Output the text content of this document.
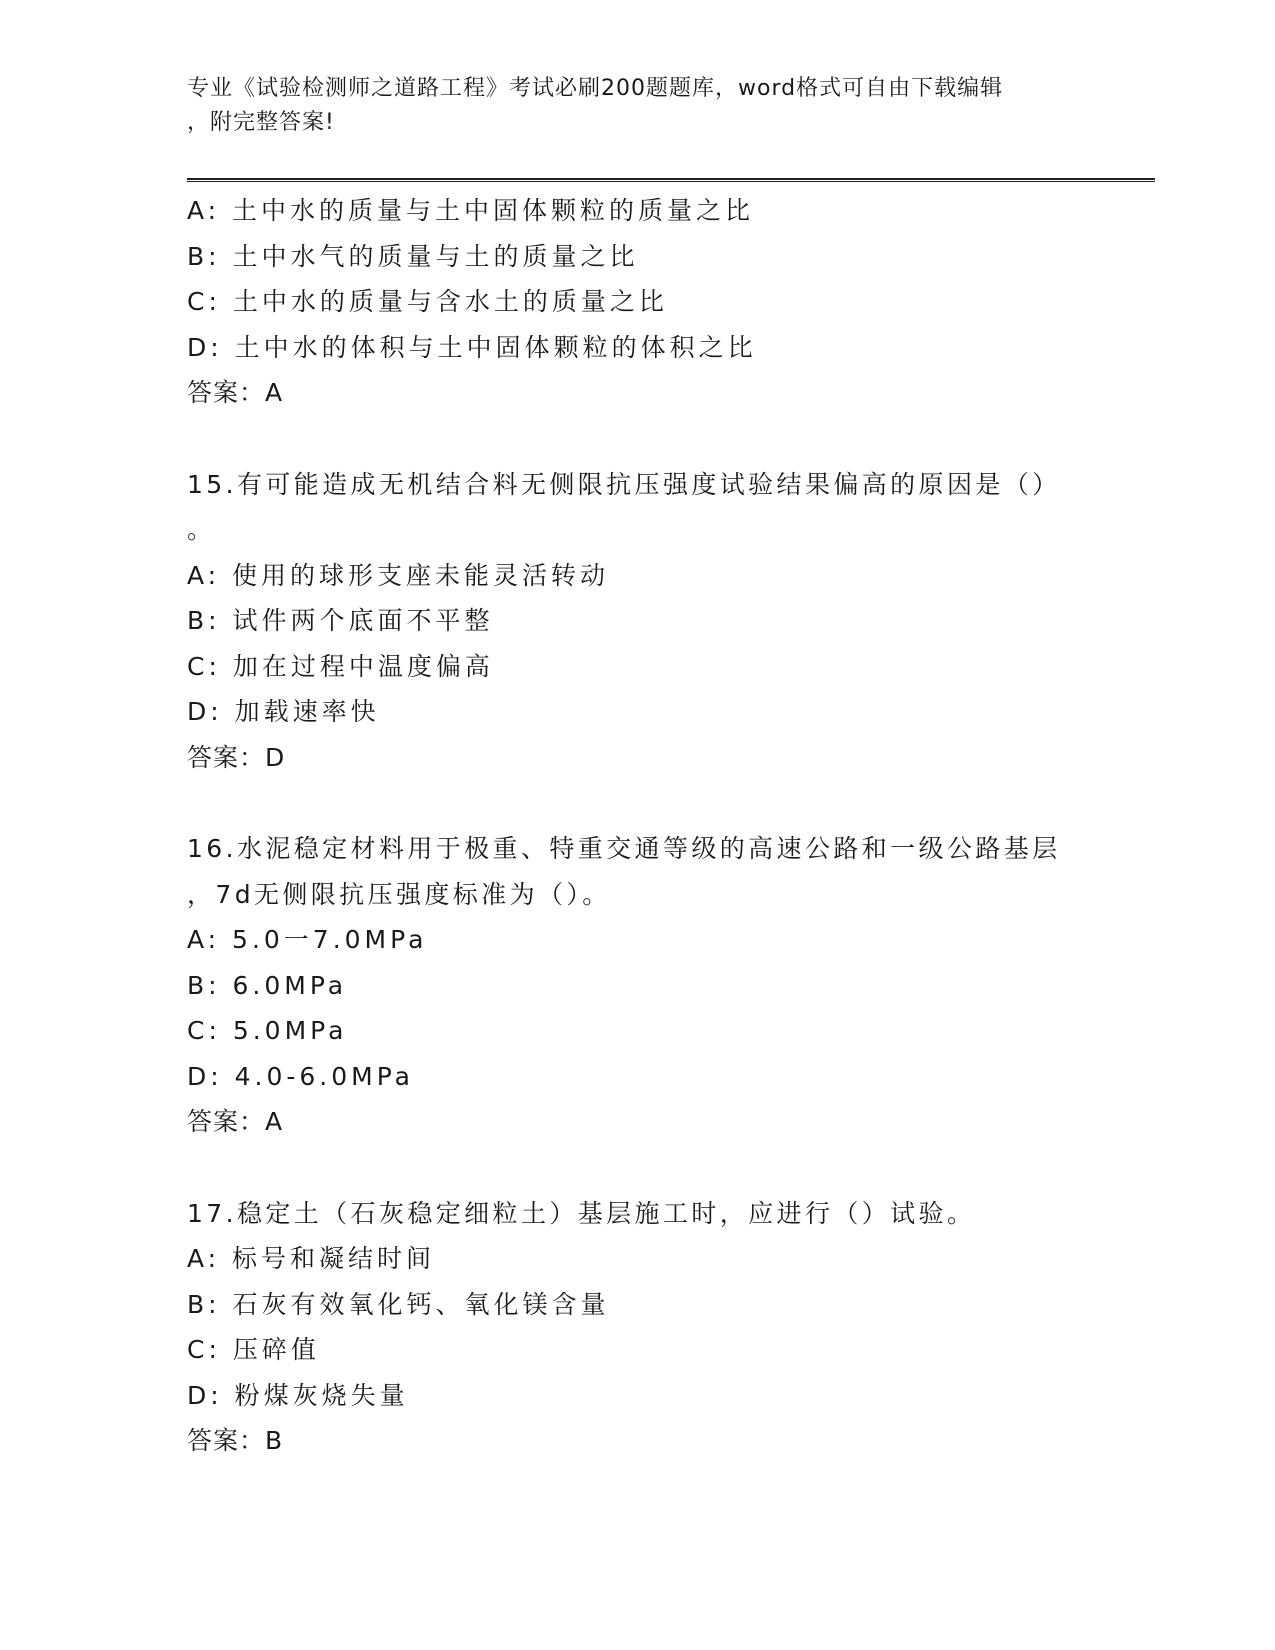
专业《试验检测师之道路工程》考试必刷200题题库，word格式可自由下载编辑
，附完整答案!
A: 土中水的质量与土中固体颗粒的质量之比
B: 土中水气的质量与土的质量之比
C: 土中水的质量与含水土的质量之比
D: 土中水的体积与土中固体颗粒的体积之比
答案：A
15.有可能造成无机结合料无侧限抗压强度试验结果偏高的原因是（）
。
A: 使用的球形支座未能灵活转动
B: 试件两个底面不平整
C: 加在过程中温度偏高
D: 加载速率快
答案：D
16.水泥稳定材料用于极重、特重交通等级的高速公路和一级公路基层
，7d无侧限抗压强度标准为（）。
A: 5.0一7.0MPa
B: 6.0MPa
C: 5.0MPa
D: 4.0-6.0MPa
答案：A
17.稳定土（石灰稳定细粒土）基层施工时，应进行（）试验。
A: 标号和凝结时间
B: 石灰有效氧化钙、氧化镁含量
C: 压碎值
D: 粉煤灰烧失量
答案：B
